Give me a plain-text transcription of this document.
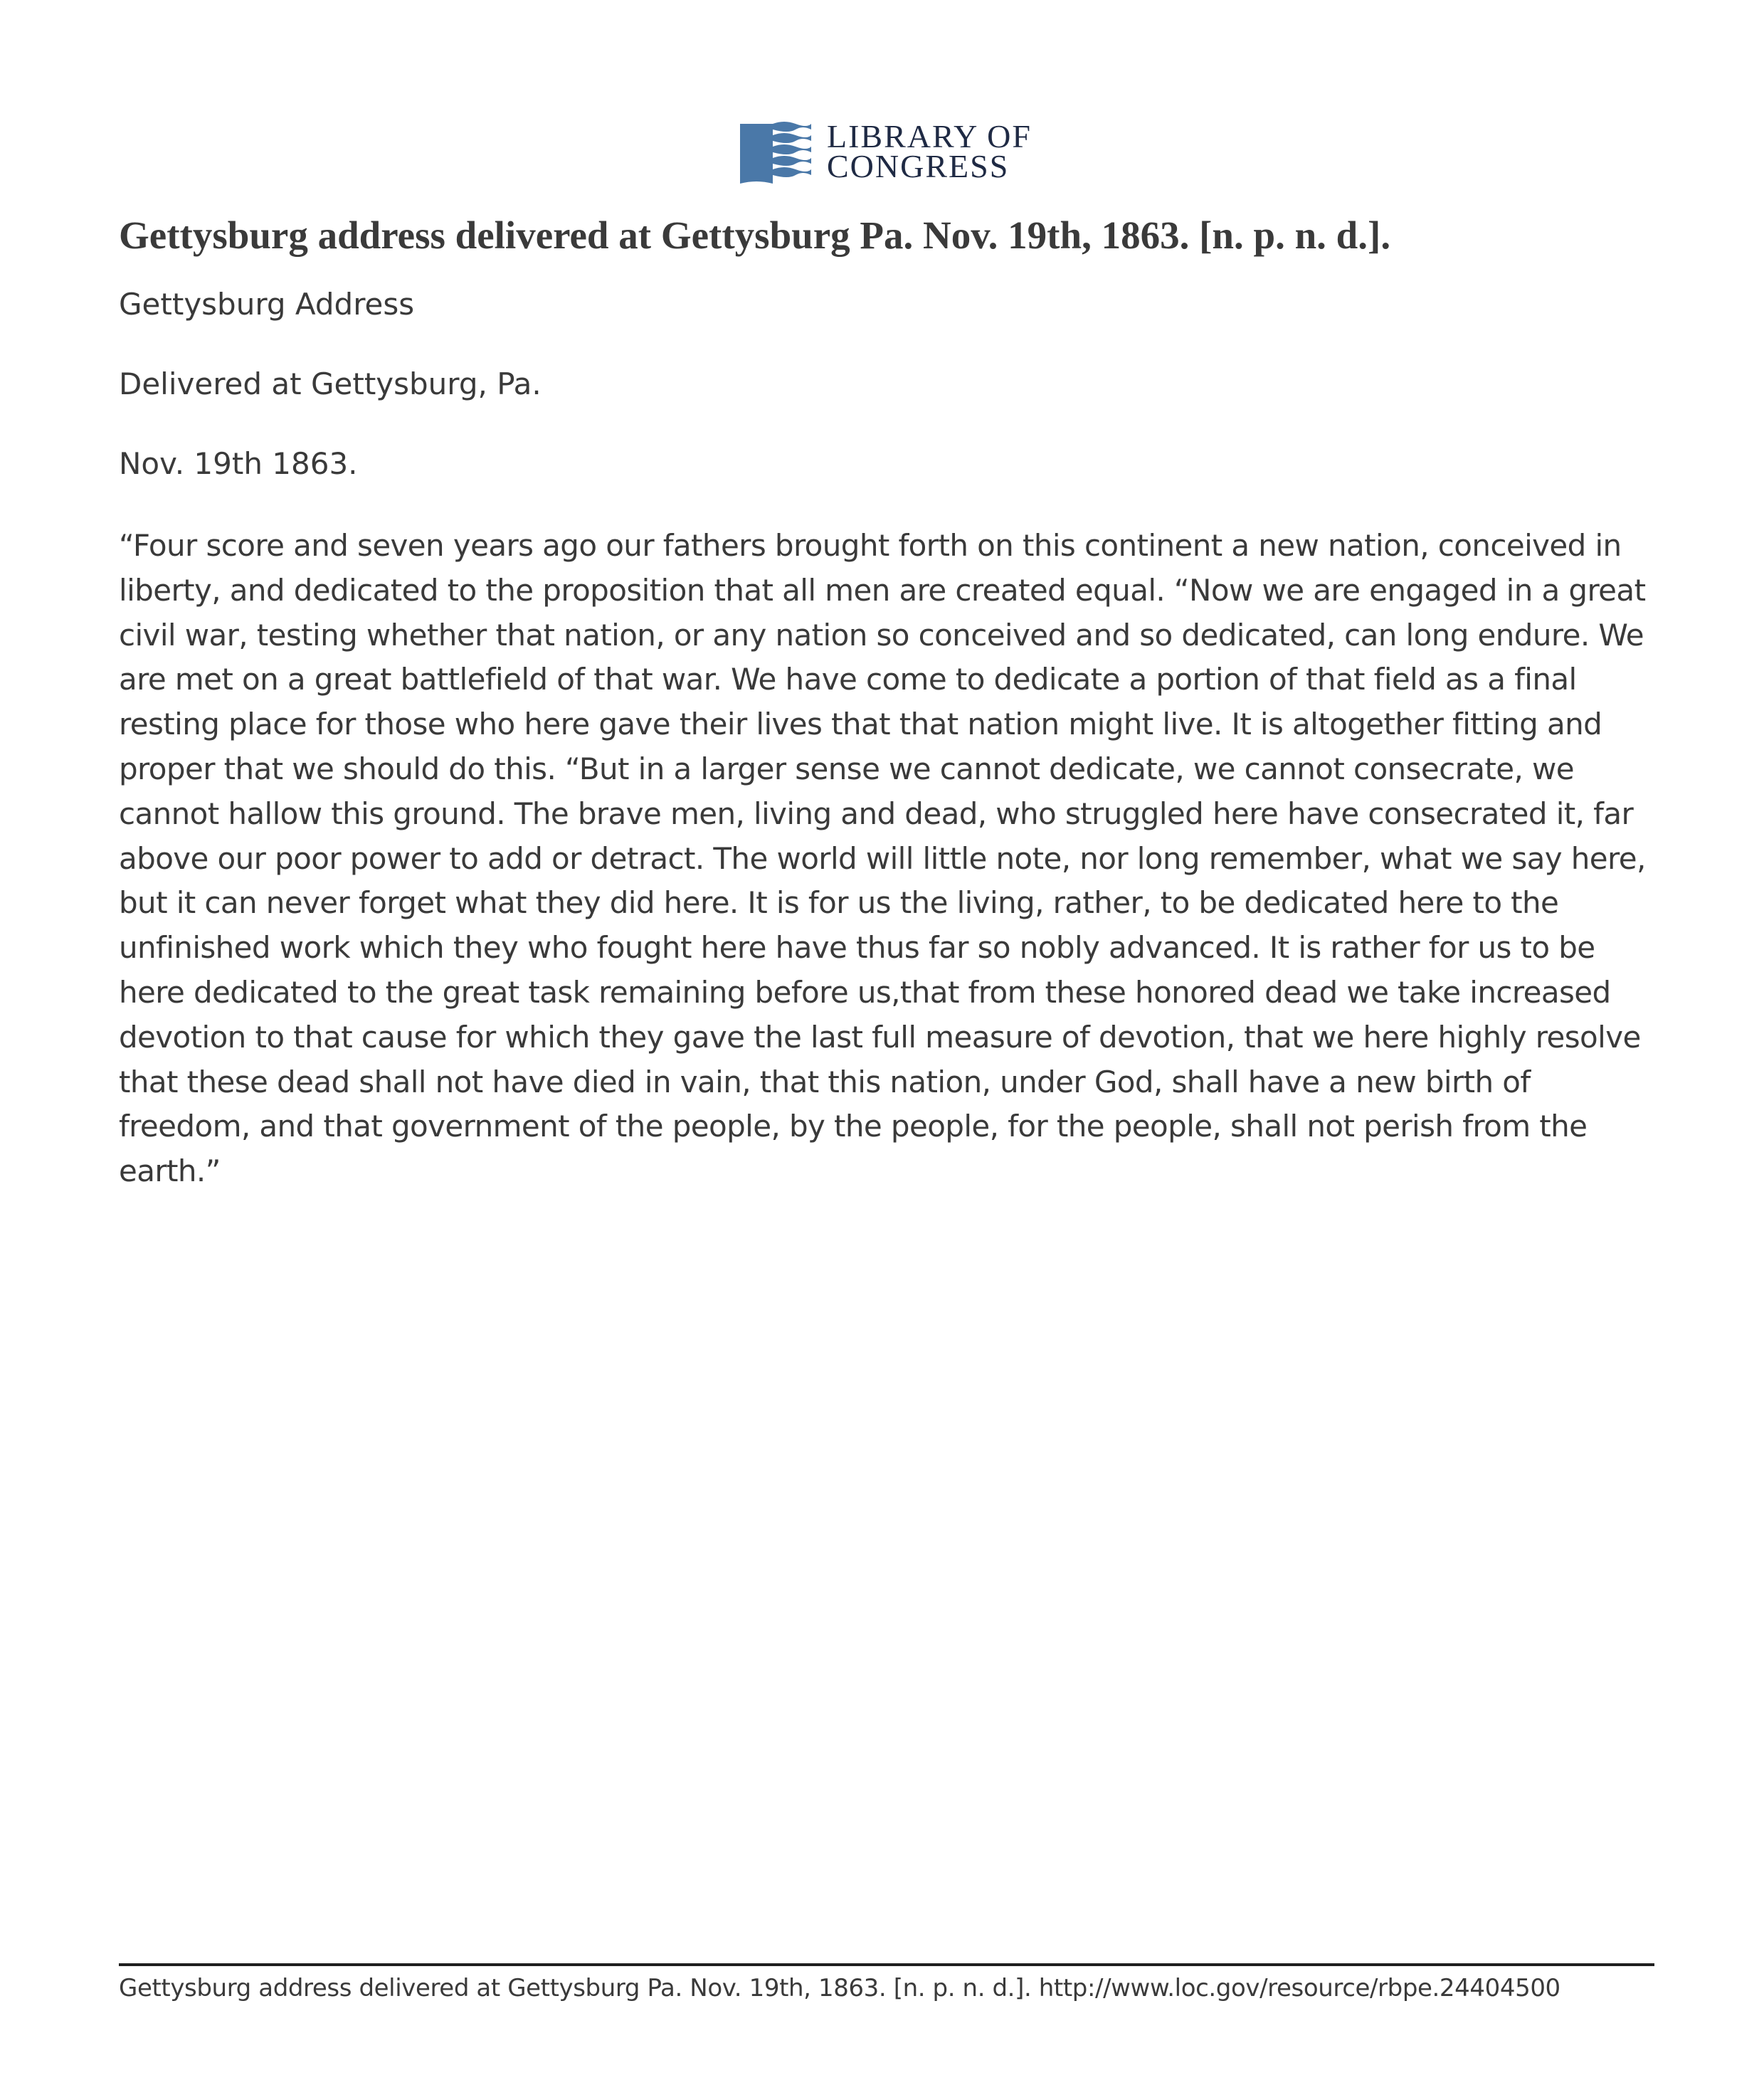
LIBRARY OF
CONGRESS
Gettysburg address delivered at Gettysburg Pa. Nov. 19th, 1863. [n. p. n. d.].

Gettysburg Address

Delivered at Gettysburg, Pa.

Nov. 19th 1863.

“Four score and seven years ago our fathers brought forth on this continent a new nation, conceived in liberty, and dedicated to the proposition that all men are created equal. “Now we are engaged in a great civil war, testing whether that nation, or any nation so conceived and so dedicated, can long endure. We are met on a great battlefield of that war. We have come to dedicate a portion of that field as a final resting place for those who here gave their lives that that nation might live. It is altogether fitting and proper that we should do this. “But in a larger sense we cannot dedicate, we cannot consecrate, we cannot hallow this ground. The brave men, living and dead, who struggled here have consecrated it, far above our poor power to add or detract. The world will little note, nor long remember, what we say here, but it can never forget what they did here. It is for us the living, rather, to be dedicated here to the unfinished work which they who fought here have thus far so nobly advanced. It is rather for us to be here dedicated to the great task remaining before us,that from these honored dead we take increased devotion to that cause for which they gave the last full measure of devotion, that we here highly resolve that these dead shall not have died in vain, that this nation, under God, shall have a new birth of freedom, and that government of the people, by the people, for the people, shall not perish from the earth.”

Gettysburg address delivered at Gettysburg Pa. Nov. 19th, 1863. [n. p. n. d.]. http://www.loc.gov/resource/rbpe.24404500
